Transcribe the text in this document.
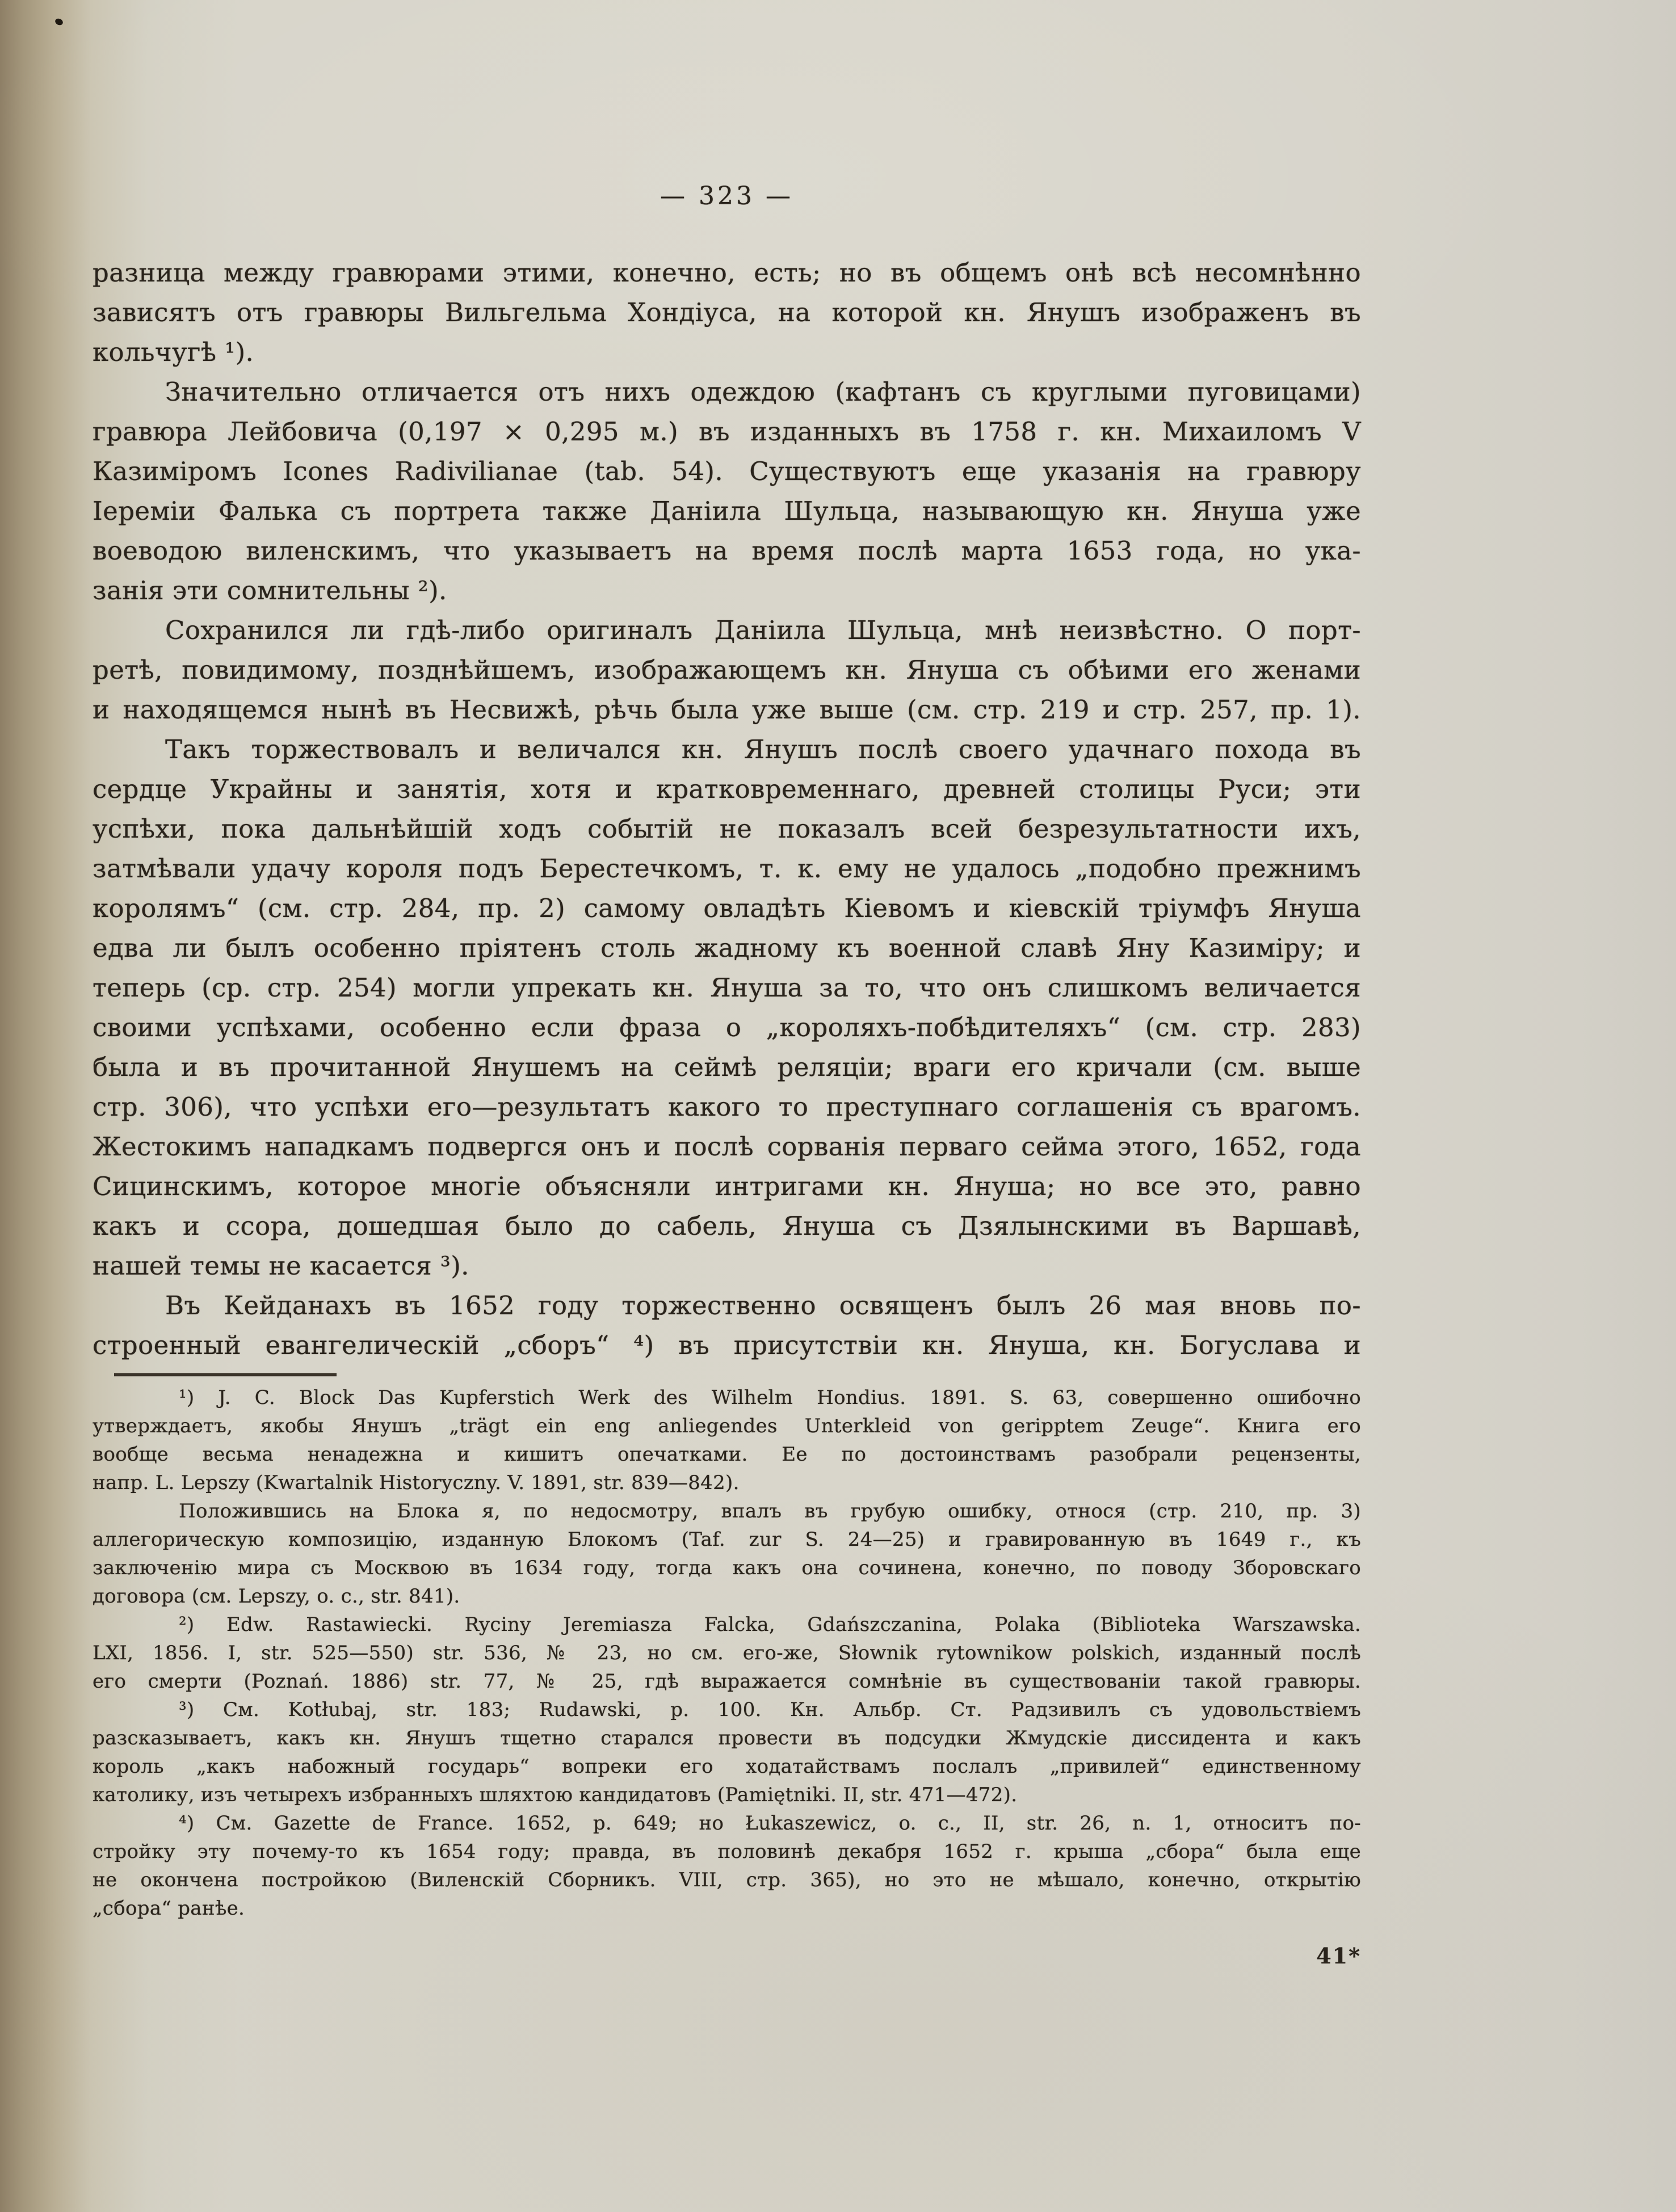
— 323 —
разница между гравюрами этими, конечно, есть; но въ общемъ онѣ всѣ несомнѣнно
зависятъ отъ гравюры Вильгельма Хондіуса, на которой кн. Янушъ изображенъ въ
кольчугѣ ¹).
Значительно отличается отъ нихъ одеждою (кафтанъ съ круглыми пуговицами)
гравюра Лейбовича (0,197 × 0,295 м.) въ изданныхъ въ 1758 г. кн. Михаиломъ V
Казиміромъ Icones Radivilianae (tab. 54). Существуютъ еще указанія на гравюру
Іереміи Фалька съ портрета также Даніила Шульца, называющую кн. Януша уже
воеводою виленскимъ, что указываетъ на время послѣ марта 1653 года, но ука-
занія эти сомнительны ²).
Сохранился ли гдѣ-либо оригиналъ Даніила Шульца, мнѣ неизвѣстно. О порт-
ретѣ, повидимому, позднѣйшемъ, изображающемъ кн. Януша съ обѣими его женами
и находящемся нынѣ въ Несвижѣ, рѣчь была уже выше (см. стр. 219 и стр. 257, пр. 1).
Такъ торжествовалъ и величался кн. Янушъ послѣ своего удачнаго похода въ
сердце Украйны и занятія, хотя и кратковременнаго, древней столицы Руси; эти
успѣхи, пока дальнѣйшій ходъ событій не показалъ всей безрезультатности ихъ,
затмѣвали удачу короля подъ Берестечкомъ, т. к. ему не удалось „подобно прежнимъ
королямъ“ (см. стр. 284, пр. 2) самому овладѣть Кіевомъ и кіевскій тріумфъ Януша
едва ли былъ особенно пріятенъ столь жадному къ военной славѣ Яну Казиміру; и
теперь (ср. стр. 254) могли упрекать кн. Януша за то, что онъ слишкомъ величается
своими успѣхами, особенно если фраза о „короляхъ-побѣдителяхъ“ (см. стр. 283)
была и въ прочитанной Янушемъ на сеймѣ реляціи; враги его кричали (см. выше
стр. 306), что успѣхи его—результатъ какого то преступнаго соглашенія съ врагомъ.
Жестокимъ нападкамъ подвергся онъ и послѣ сорванія перваго сейма этого, 1652, года
Сицинскимъ, которое многіе объясняли интригами кн. Януша; но все это, равно
какъ и ссора, дошедшая было до сабель, Януша съ Дзялынскими въ Варшавѣ,
нашей темы не касается ³).
Въ Кейданахъ въ 1652 году торжественно освященъ былъ 26 мая вновь по-
строенный евангелическій „сборъ“ ⁴) въ присутствіи кн. Януша, кн. Богуслава и
¹) J. C. Block Das Kupferstich Werk des Wilhelm Hondius. 1891. S. 63, совершенно ошибочно
утверждаетъ, якобы Янушъ „trägt ein eng anliegendes Unterkleid von geripptem Zeuge“. Книга его
вообще весьма ненадежна и кишитъ опечатками. Ее по достоинствамъ разобрали рецензенты,
напр. L. Lepszy (Kwartalnik Historyczny. V. 1891, str. 839—842).
Положившись на Блока я, по недосмотру, впалъ въ грубую ошибку, относя (стр. 210, пр. 3)
аллегорическую композицію, изданную Блокомъ (Taf. zur S. 24—25) и гравированную въ 1649 г., къ
заключенію мира съ Москвою въ 1634 году, тогда какъ она сочинена, конечно, по поводу Зборовскаго
договора (см. Lepszy, o. c., str. 841).
²) Edw. Rastawiecki. Ryciny Jeremiasza Falcka, Gdańszczanina, Polaka (Biblioteka Warszawska.
LXI, 1856. I, str. 525—550) str. 536, № 23, но см. его-же, Słownik rytownikow polskich, изданный послѣ
его смерти (Poznań. 1886) str. 77, № 25, гдѣ выражается сомнѣніе въ существованіи такой гравюры.
³) См. Kotłubaj, str. 183; Rudawski, p. 100. Кн. Альбр. Ст. Радзивилъ съ удовольствіемъ
разсказываетъ, какъ кн. Янушъ тщетно старался провести въ подсудки Жмудскіе диссидента и какъ
король „какъ набожный государь“ вопреки его ходатайствамъ послалъ „привилей“ единственному
католику, изъ четырехъ избранныхъ шляхтою кандидатовъ (Pamiętniki. II, str. 471—472).
⁴) См. Gazette de France. 1652, p. 649; но Łukaszewicz, o. c., II, str. 26, n. 1, относитъ по-
стройку эту почему-то къ 1654 году; правда, въ половинѣ декабря 1652 г. крыша „сбора“ была еще
не окончена постройкою (Виленскій Сборникъ. VIII, стр. 365), но это не мѣшало, конечно, открытію
„сбора“ ранѣе.
41*
